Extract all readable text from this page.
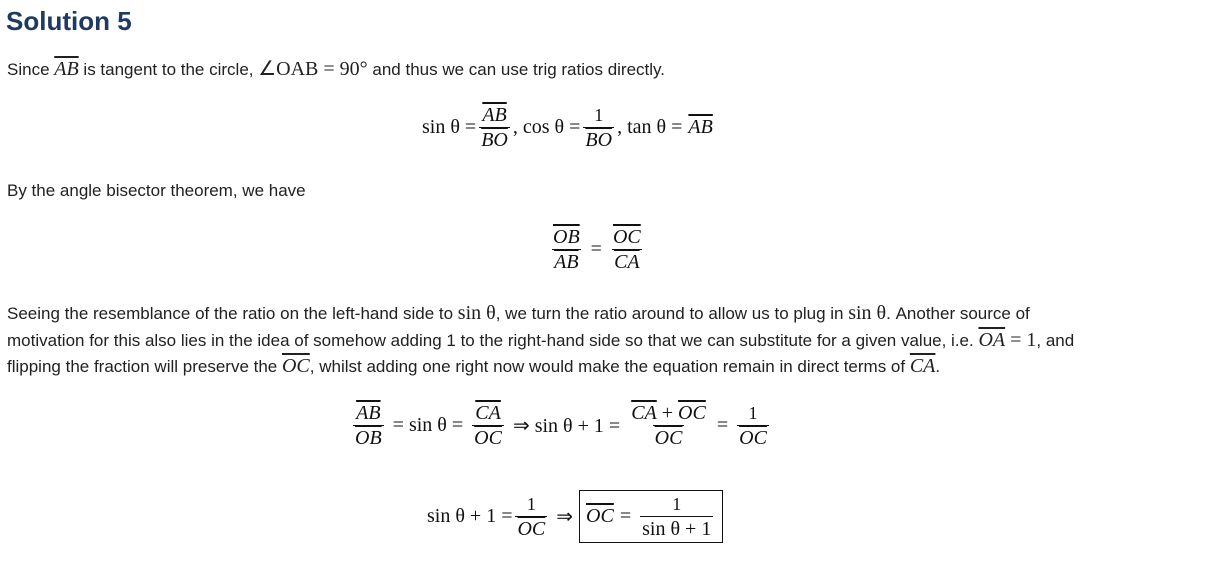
Solution 5
Since $\overline{AB}$ is tangent to the circle, ∠OAB = 90° and thus we can use trig ratios directly.
$\sin \theta = \frac{\overline{AB}}{BO}$ , $\cos \theta = \frac{1}{BO}$ , $\tan \theta = \overline{AB}$
By the angle bisector theorem, we have
$\frac{\overline{OB}}{AB} = \frac{\overline{OC}}{CA}$
Seeing the resemblance of the ratio on the left-hand side to sin θ, we turn the ratio around to allow us to plug in sin θ. Another source of
motivation for this also lies in the idea of somehow adding 1 to the right-hand side so that we can substitute for a given value, i.e. $\overline{OA} = 1$, and
flipping the fraction will preserve the $\overline{OC}$, whilst adding one right now would make the equation remain in direct terms of $\overline{CA}$.
$\frac{\overline{AB}}{OB} = \sin \theta = \frac{\overline{CA}}{OC}$ ⇒ $\sin \theta + 1 = \frac{\overline{CA} + \overline{OC}}{OC} = \frac{1}{OC}$
$\sin \theta + 1 = \frac{1}{OC}$ ⇒ $\overline{OC} = \frac{1}{\text{sin θ + 1}}$
